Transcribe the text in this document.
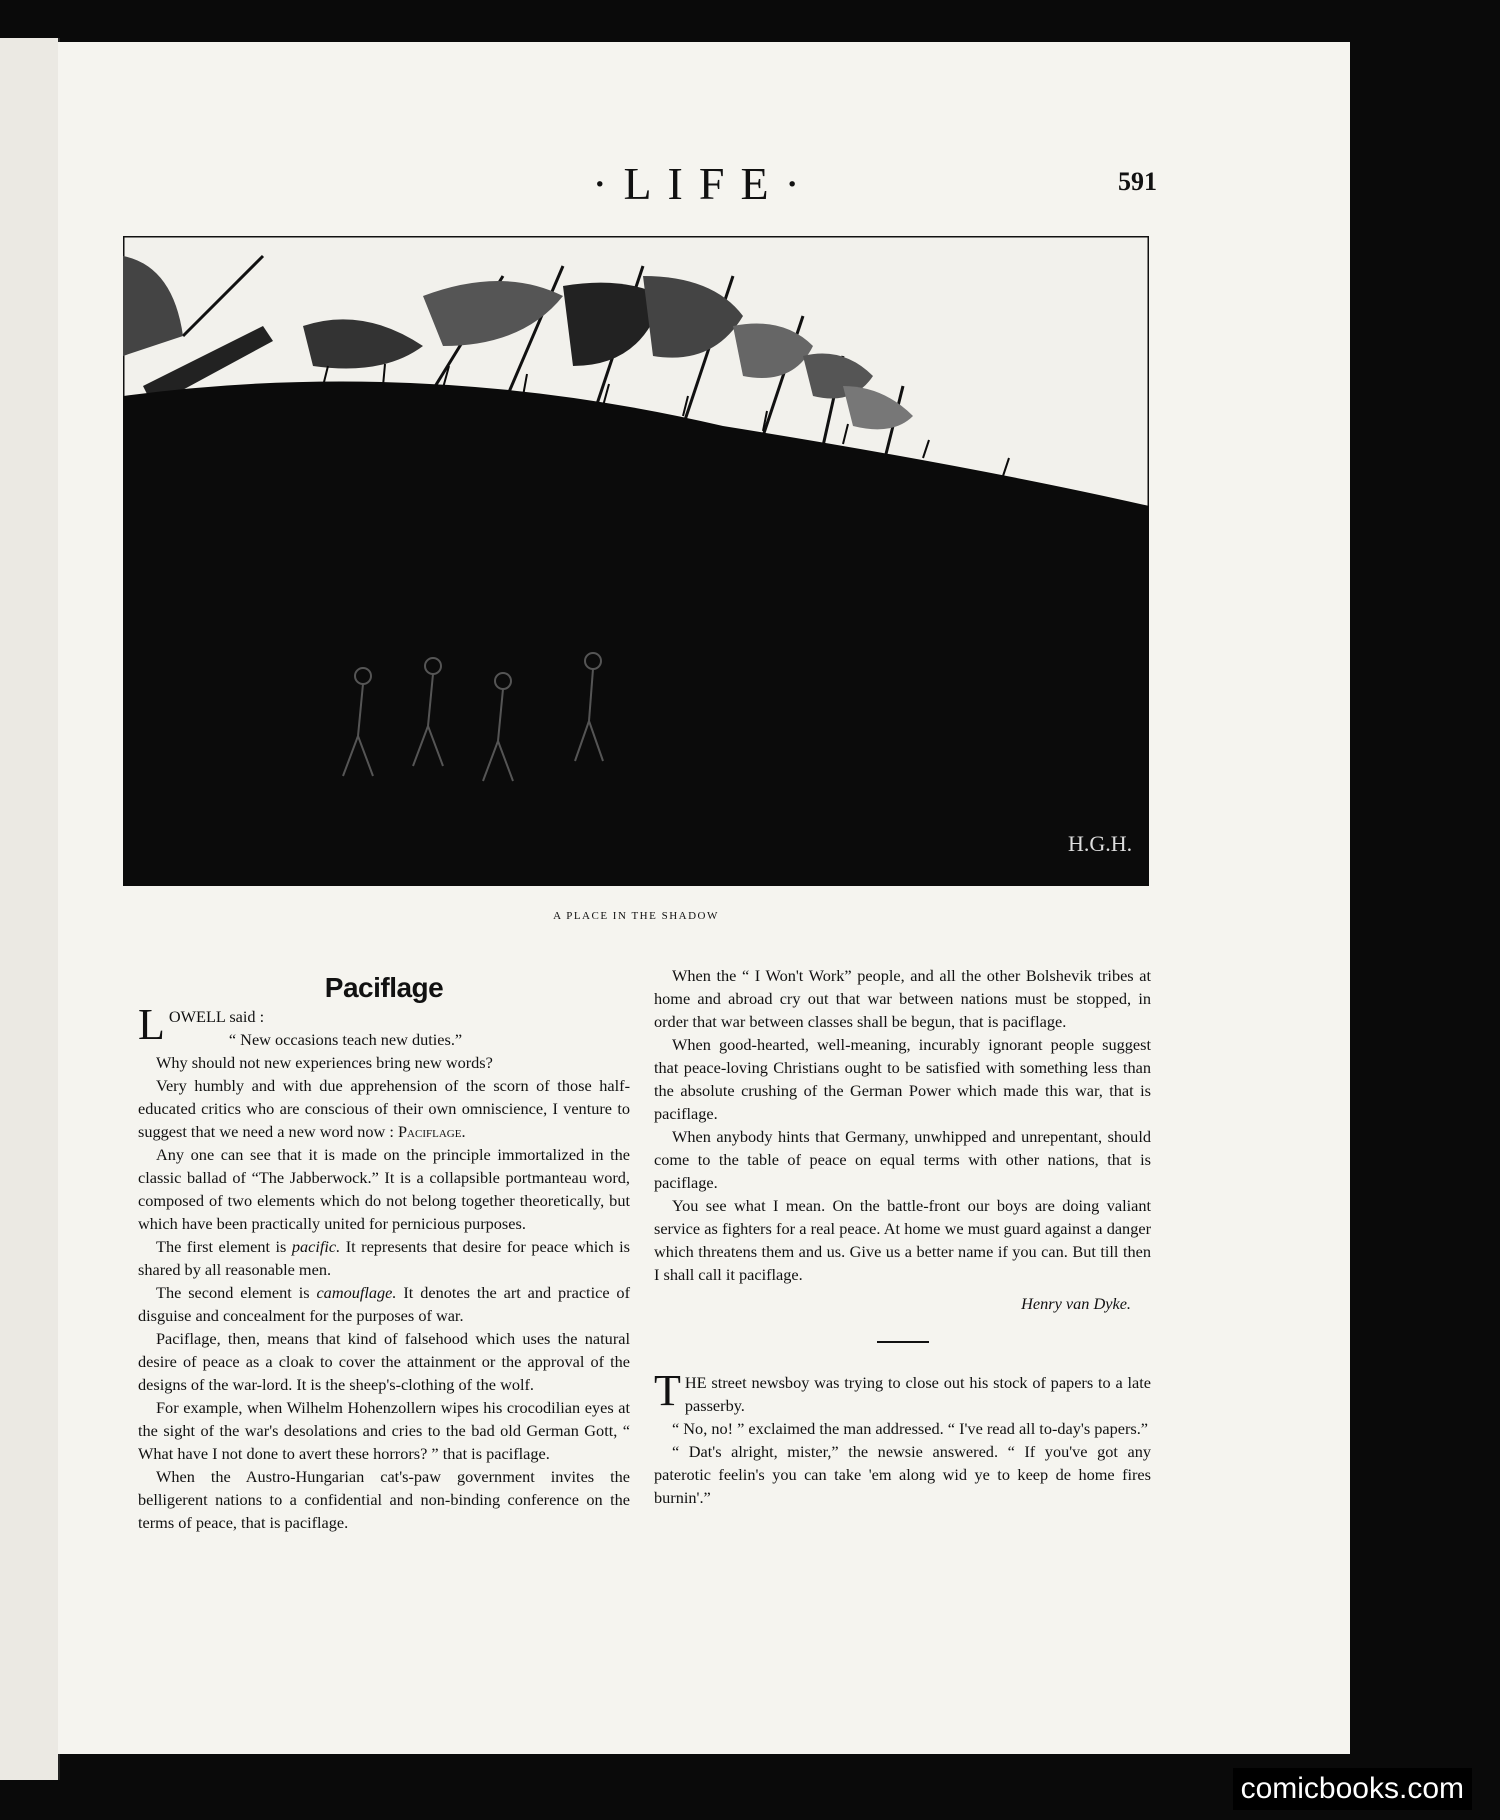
·LIFE·	591
H.G.H.
A PLACE IN THE SHADOW
Paciflage

LOWELL said :

“ New occasions teach new duties.”

Why should not new experiences bring new words?

Very humbly and with due apprehension of the scorn of those half-educated critics who are conscious of their own omniscience, I venture to suggest that we need a new word now : Paciflage.

Any one can see that it is made on the principle immortalized in the classic ballad of “The Jabberwock.” It is a collapsible portmanteau word, composed of two elements which do not belong together theoretically, but which have been practically united for pernicious purposes.

The first element is pacific. It represents that desire for peace which is shared by all reasonable men.

The second element is camouflage. It denotes the art and practice of disguise and concealment for the purposes of war.

Paciflage, then, means that kind of falsehood which uses the natural desire of peace as a cloak to cover the attainment or the approval of the designs of the war-lord. It is the sheep's-clothing of the wolf.

For example, when Wilhelm Hohenzollern wipes his crocodilian eyes at the sight of the war's desolations and cries to the bad old German Gott, “ What have I not done to avert these horrors? ” that is paciflage.

When the Austro-Hungarian cat's-paw government invites the belligerent nations to a confidential and non-binding conference on the terms of peace, that is paciflage.

When the “ I Won't Work” people, and all the other Bolshevik tribes at home and abroad cry out that war between nations must be stopped, in order that war between classes shall be begun, that is paciflage.

When good-hearted, well-meaning, incurably ignorant people suggest that peace-loving Christians ought to be satisfied with something less than the absolute crushing of the German Power which made this war, that is paciflage.

When anybody hints that Germany, unwhipped and unrepentant, should come to the table of peace on equal terms with other nations, that is paciflage.

You see what I mean. On the battle-front our boys are doing valiant service as fighters for a real peace. At home we must guard against a danger which threatens them and us. Give us a better name if you can. But till then I shall call it paciflage.

Henry van Dyke.

THE street newsboy was trying to close out his stock of papers to a late passerby.

“ No, no! ” exclaimed the man addressed. “ I've read all to-day's papers.”

“ Dat's alright, mister,” the newsie answered. “ If you've got any paterotic feelin's you can take 'em along wid ye to keep de home fires burnin'.”

comicbooks.com
